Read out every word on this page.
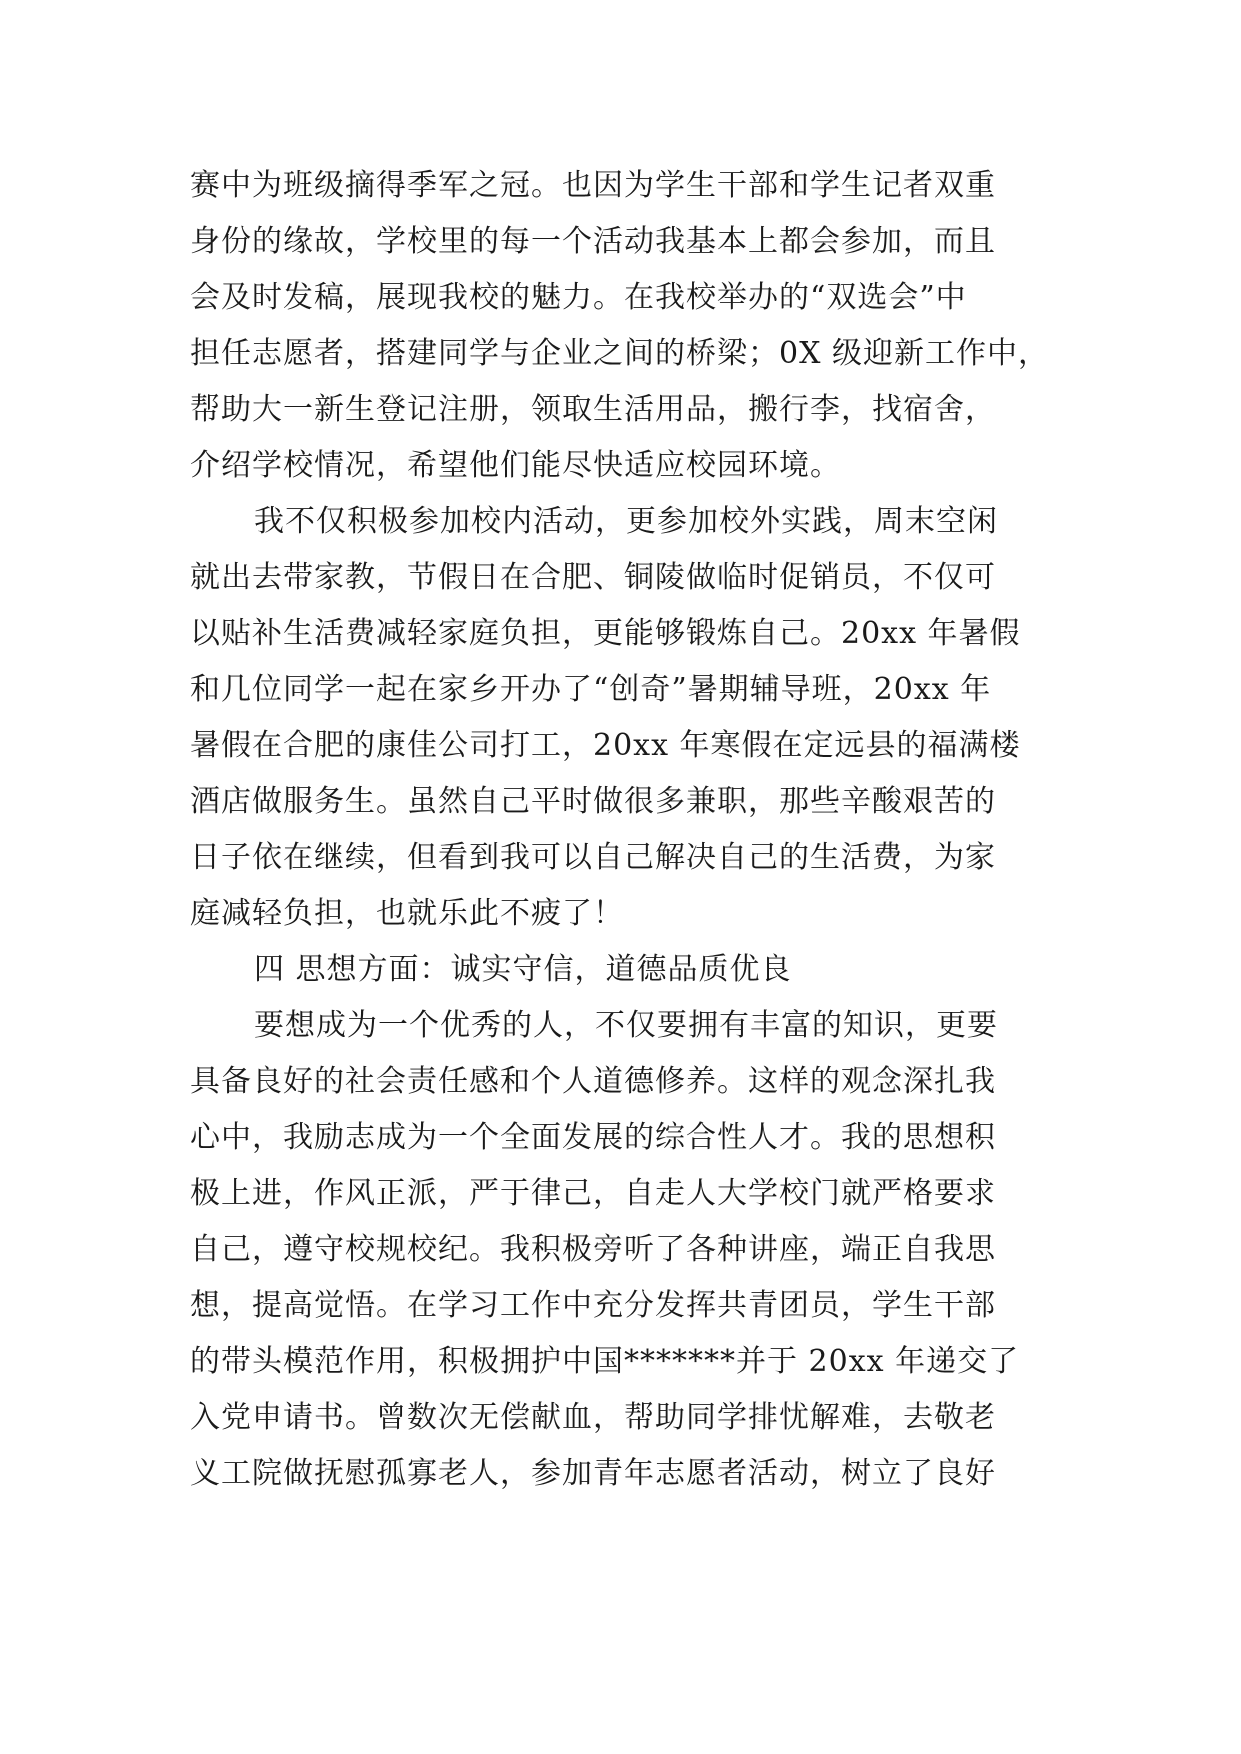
赛中为班级摘得季军之冠。也因为学生干部和学生记者双重
身份的缘故，学校里的每一个活动我基本上都会参加，而且
会及时发稿，展现我校的魅力。在我校举办的“双选会”中
担任志愿者，搭建同学与企业之间的桥梁；0X 级迎新工作中，
帮助大一新生登记注册，领取生活用品，搬行李，找宿舍，
介绍学校情况，希望他们能尽快适应校园环境。
我不仅积极参加校内活动，更参加校外实践，周末空闲
就出去带家教，节假日在合肥、铜陵做临时促销员，不仅可
以贴补生活费减轻家庭负担，更能够锻炼自己。20xx 年暑假
和几位同学一起在家乡开办了“创奇”暑期辅导班，20xx 年
暑假在合肥的康佳公司打工，20xx 年寒假在定远县的福满楼
酒店做服务生。虽然自己平时做很多兼职，那些辛酸艰苦的
日子依在继续，但看到我可以自己解决自己的生活费，为家
庭减轻负担，也就乐此不疲了！
四 思想方面：诚实守信，道德品质优良
要想成为一个优秀的人，不仅要拥有丰富的知识，更要
具备良好的社会责任感和个人道德修养。这样的观念深扎我
心中，我励志成为一个全面发展的综合性人才。我的思想积
极上进，作风正派，严于律己，自走人大学校门就严格要求
自己，遵守校规校纪。我积极旁听了各种讲座，端正自我思
想，提高觉悟。在学习工作中充分发挥共青团员，学生干部
的带头模范作用，积极拥护中国*******并于 20xx 年递交了
入党申请书。曾数次无偿献血，帮助同学排忧解难，去敬老
义工院做抚慰孤寡老人，参加青年志愿者活动，树立了良好
